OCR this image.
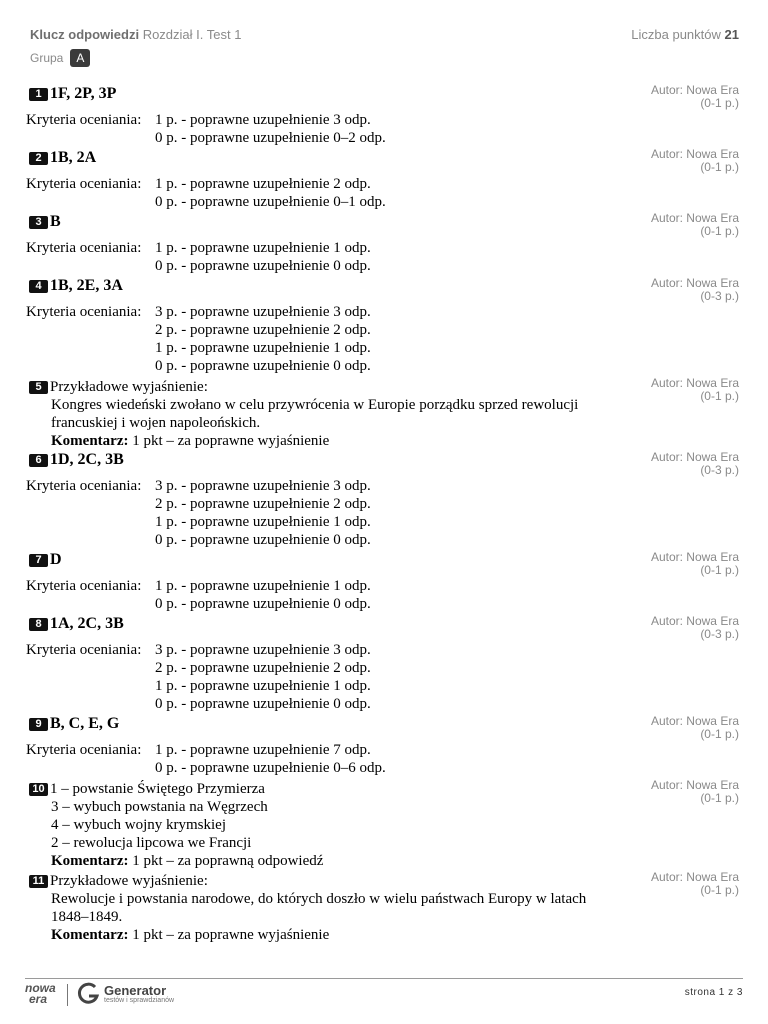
Klucz odpowiedzi Rozdział I. Test 1	Liczba punktów 21
Grupa	A
1 1F, 2P, 3P
Kryteria oceniania: 1 p. - poprawne uzupełnienie 3 odp.
0 p. - poprawne uzupełnienie 0–2 odp.
Autor: Nowa Era
(0-1 p.)
2 1B, 2A
Kryteria oceniania: 1 p. - poprawne uzupełnienie 2 odp.
0 p. - poprawne uzupełnienie 0–1 odp.
Autor: Nowa Era
(0-1 p.)
3 B
Kryteria oceniania: 1 p. - poprawne uzupełnienie 1 odp.
0 p. - poprawne uzupełnienie 0 odp.
Autor: Nowa Era
(0-1 p.)
4 1B, 2E, 3A
Kryteria oceniania: 3 p. - poprawne uzupełnienie 3 odp.
2 p. - poprawne uzupełnienie 2 odp.
1 p. - poprawne uzupełnienie 1 odp.
0 p. - poprawne uzupełnienie 0 odp.
Autor: Nowa Era
(0-3 p.)
5 Przykładowe wyjaśnienie:
Kongres wiedeński zwołano w celu przywrócenia w Europie porządku sprzed rewolucji
francuskiej i wojen napoleońskich.
Komentarz: 1 pkt – za poprawne wyjaśnienie
Autor: Nowa Era
(0-1 p.)
6 1D, 2C, 3B
Kryteria oceniania: 3 p. - poprawne uzupełnienie 3 odp.
2 p. - poprawne uzupełnienie 2 odp.
1 p. - poprawne uzupełnienie 1 odp.
0 p. - poprawne uzupełnienie 0 odp.
Autor: Nowa Era
(0-3 p.)
7 D
Kryteria oceniania: 1 p. - poprawne uzupełnienie 1 odp.
0 p. - poprawne uzupełnienie 0 odp.
Autor: Nowa Era
(0-1 p.)
8 1A, 2C, 3B
Kryteria oceniania: 3 p. - poprawne uzupełnienie 3 odp.
2 p. - poprawne uzupełnienie 2 odp.
1 p. - poprawne uzupełnienie 1 odp.
0 p. - poprawne uzupełnienie 0 odp.
Autor: Nowa Era
(0-3 p.)
9 B, C, E, G
Kryteria oceniania: 1 p. - poprawne uzupełnienie 7 odp.
0 p. - poprawne uzupełnienie 0–6 odp.
Autor: Nowa Era
(0-1 p.)
10 1 – powstanie Świętego Przymierza
3 – wybuch powstania na Węgrzech
4 – wybuch wojny krymskiej
2 – rewolucja lipcowa we Francji
Komentarz: 1 pkt – za poprawną odpowiedź
Autor: Nowa Era
(0-1 p.)
11 Przykładowe wyjaśnienie:
Rewolucje i powstania narodowe, do których doszło w wielu państwach Europy w latach
1848–1849.
Komentarz: 1 pkt – za poprawne wyjaśnienie
Autor: Nowa Era
(0-1 p.)
nowa
era
Generator
testów i sprawdzianów
strona 1 z 3
